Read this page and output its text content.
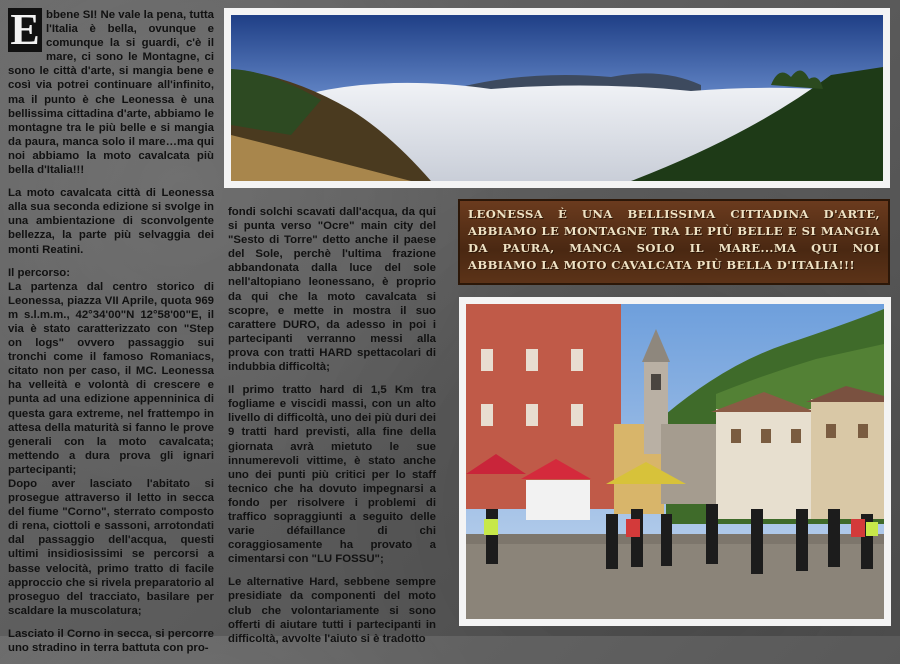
E bbene SI! Ne vale la pena, tutta l'Italia è bella, ovunque e comunque la si guardi, c'è il mare, ci sono le Montagne, ci sono le città d'arte, si mangia bene e così via potrei continuare all'infinito, ma il punto è che Leonessa è una bellissima cittadina d'arte, abbiamo le montagne tra le più belle e si mangia da paura, manca solo il mare…ma qui noi abbiamo la moto cavalcata più bella d'Italia!!!

La moto cavalcata città di Leonessa alla sua seconda edizione si svolge in una ambientazione di sconvolgente bellezza, la parte più selvaggia dei monti Reatini.

Il percorso:

La partenza dal centro storico di Leonessa, piazza VII Aprile, quota 969 m s.l.m.m., 42°34'00"N 12°58'00"E, il via è stato caratterizzato con "Step on logs" ovvero passaggio sui tronchi come il famoso Romaniacs, citato non per caso, il MC. Leonessa ha velleità e volontà di crescere e punta ad una edizione appenninica di questa gara extreme, nel frattempo in attesa della maturità si fanno le prove generali con la moto cavalcata; mettendo a dura prova gli ignari partecipanti;

Dopo aver lasciato l'abitato si prosegue attraverso il letto in secca del fiume "Corno", sterrato composto di rena, ciottoli e sassoni, arrotondati dal passaggio dell'acqua, questi ultimi insidiosissimi se percorsi a basse velocità, primo tratto di facile approccio che si rivela preparatorio al proseguo del tracciato, basilare per scaldare la muscolatura;

Lasciato il Corno in secca, si percorre uno stradino in terra battuta con pro-

fondi solchi scavati dall'acqua, da qui si punta verso "Ocre" main city del "Sesto di Torre" detto anche il paese del Sole, perchè l'ultima frazione abbandonata dalla luce del sole nell'altopiano leonessano, è proprio da qui che la moto cavalcata si scopre, e mette in mostra il suo carattere DURO, da adesso in poi i partecipanti verranno messi alla prova con tratti HARD spettacolari di indubbia difficoltà;

Il primo tratto hard di 1,5 Km tra fogliame e viscidi massi, con un alto livello di difficoltà, uno dei più duri dei 9 tratti hard previsti, alla fine della giornata avrà mietuto le sue innumerevoli vittime, è stato anche uno dei punti più critici per lo staff tecnico che ha dovuto impegnarsi a fondo per risolvere i problemi di traffico sopraggiunti a seguito delle varie défaillance di chi coraggiosamente ha provato a cimentarsi con "LU FOSSU";

Le alternative Hard, sebbene sempre presidiate da componenti del moto club che volontariamente si sono offerti di aiutare tutti i partecipanti in difficoltà, avvolte l'aiuto si è tradotto

LEONESSA È UNA BELLISSIMA CITTADINA D'ARTE, ABBIAMO LE MONTAGNE TRA LE PIÙ BELLE E SI MANGIA DA PAURA, MANCA SOLO IL MARE...MA QUI NOI ABBIAMO LA MOTO CAVALCATA PIÙ BELLA D'ITALIA!!!
